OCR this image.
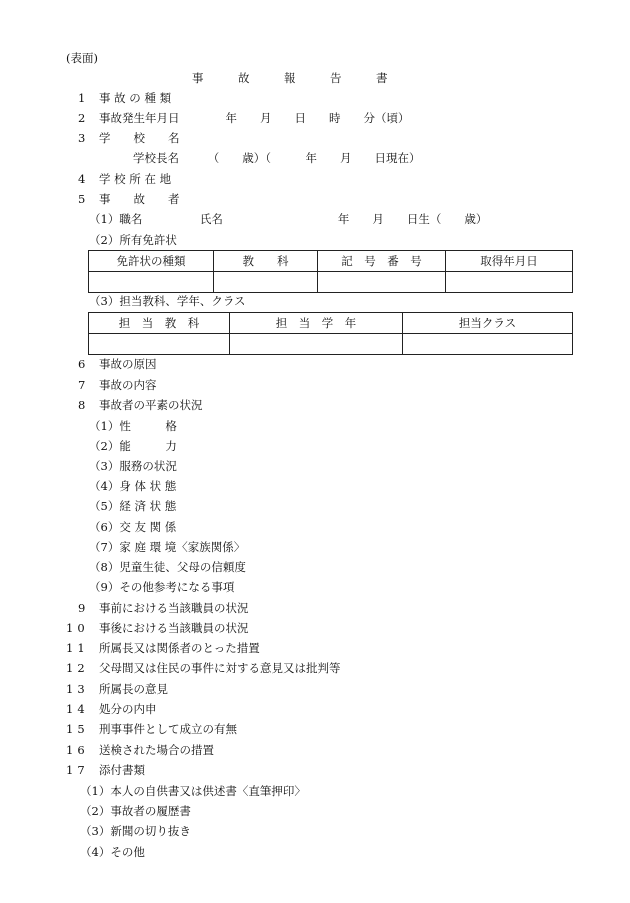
(表面)
事　　　故　　　報　　　告　　　書
1 事 故 の 種 類
2 事故発生年月日　　　　年　　月　　日　　時　　分（頃）
3 学　　校　　名
学校長名　　　（　　歳）（　　　年　　月　　日現在）
4 学 校 所 在 地
5 事　　故　　者
（1）職名　　　　　氏名　　　　　　　　　　年　　月　　日生（　　歳）
（2）所有免許状
免許状の種類	教　　科	記　号　番　号	取得年月日

（3）担当教科、学年、クラス
担　当　教　科	担　当　学　年	担当クラス

6 事故の原因
7 事故の内容
8 事故者の平素の状況
（1）性　　　格
（2）能　　　力
（3）服務の状況
（4）身 体 状 態
（5）経 済 状 態
（6）交 友 関 係
（7）家 庭 環 境〈家族関係〉
（8）児童生徒、父母の信頼度
（9）その他参考になる事項
9 事前における当該職員の状況
10 事後における当該職員の状況
11 所属長又は関係者のとった措置
12 父母間又は住民の事件に対する意見又は批判等
13 所属長の意見
14 処分の内申
15 刑事事件として成立の有無
16 送検された場合の措置
17 添付書類
（1）本人の自供書又は供述書〈直筆押印〉
（2）事故者の履歴書
（3）新聞の切り抜き
（4）その他
